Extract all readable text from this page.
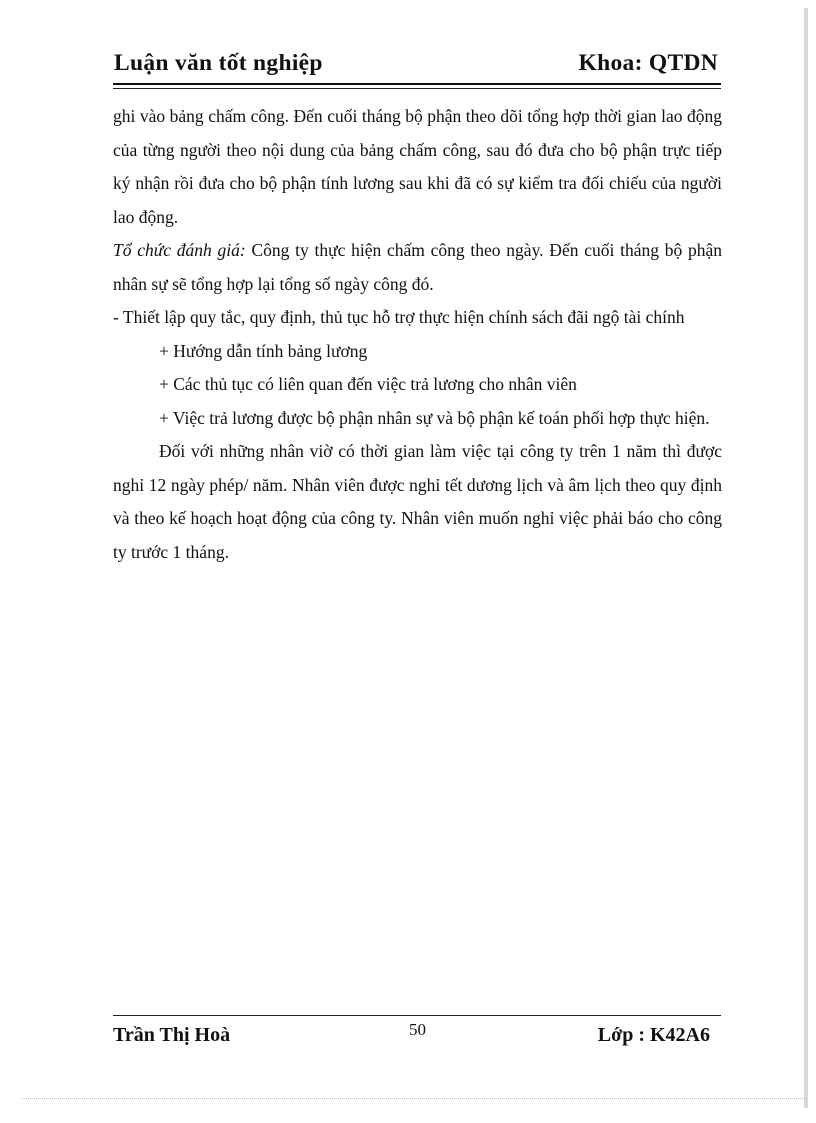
Luận văn tốt nghiệp	Khoa: QTDN

ghi vào bảng chấm công. Đến cuối tháng bộ phận theo dõi tổng hợp thời gian lao động của từng người theo nội dung của bảng chấm công, sau đó đưa cho bộ phận trực tiếp ký nhận rồi đưa cho bộ phận tính lương sau khi đã có sự kiểm tra đối chiếu của người lao động.

Tổ chức đánh giá: Công ty thực hiện chấm công theo ngày. Đến cuối tháng bộ phận nhân sự sẽ tổng hợp lại tổng số ngày công đó.

- Thiết lập quy tắc, quy định, thủ tục hỗ trợ thực hiện chính sách đãi ngộ tài chính

+ Hướng dẫn tính bảng lương

+ Các thủ tục có liên quan đến việc trả lương cho nhân viên

+ Việc trả lương được bộ phận nhân sự và bộ phận kế toán phối hợp thực hiện.

Đối với những nhân viờ có thời gian làm việc tại công ty trên 1 năm thì được nghỉ 12 ngày phép/ năm. Nhân viên được nghỉ tết dương lịch và âm lịch theo quy định và theo kế hoạch hoạt động của công ty. Nhân viên muốn nghỉ việc phải báo cho công ty trước 1 tháng.

Trần Thị Hoà	50	Lớp : K42A6
